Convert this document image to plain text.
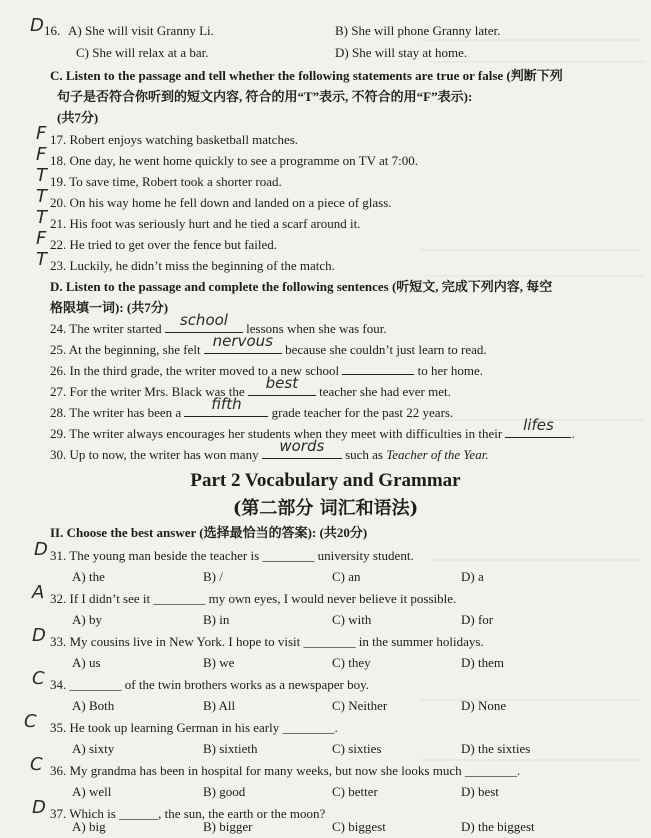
D 16. A) She will visit Granny Li.	B) She will phone Granny later.
C) She will relax at a bar.	D) She will stay at home.
C. Listen to the passage and tell whether the following statements are true or false (判断下列
句子是否符合你听到的短文内容, 符合的用“T”表示, 不符合的用“F”表示):
(共7分)
F 17. Robert enjoys watching basketball matches.
F 18. One day, he went home quickly to see a programme on TV at 7:00.
T 19. To save time, Robert took a shorter road.
T 20. On his way home he fell down and landed on a piece of glass.
T 21. His foot was seriously hurt and he tied a scarf around it.
F 22. He tried to get over the fence but failed.
T 23. Luckily, he didn’t miss the beginning of the match.
D. Listen to the passage and complete the following sentences (听短文, 完成下列内容, 每空
格限填一词): (共7分)
24. The writer started	school	lessons when she was four.
25. At the beginning, she felt nervous because she couldn’t just learn to read.
26. In the third grade, the writer moved to a new school	to her home.
27. For the writer Mrs. Black was the	best	teacher she had ever met.
28. The writer has been a	fifth	grade teacher for the past 22 years.
29. The writer always encourages her students when they meet with difficulties in their	lifes	.
30. Up to now, the writer has won many	words	such as Teacher of the Year.
Part 2 Vocabulary and Grammar
(第二部分 词汇和语法)
II. Choose the best answer (选择最恰当的答案): (共20分)
D 31. The young man beside the teacher is ________ university student.
A) the	B) /	C) an	D) a
A 32. If I didn’t see it ________ my own eyes, I would never believe it possible.
A) by	B) in	C) with	D) for
D 33. My cousins live in New York. I hope to visit ________ in the summer holidays.
A) us	B) we	C) they	D) them
C 34. ________ of the twin brothers works as a newspaper boy.
A) Both	B) All	C) Neither	D) None
C 35. He took up learning German in his early ________.
A) sixty	B) sixtieth	C) sixties	D) the sixties
C 36. My grandma has been in hospital for many weeks, but now she looks much ________.
A) well	B) good	C) better	D) best
D 37. Which is ______, the sun, the earth or the moon?
A) big	B) bigger	C) biggest	D) the biggest
